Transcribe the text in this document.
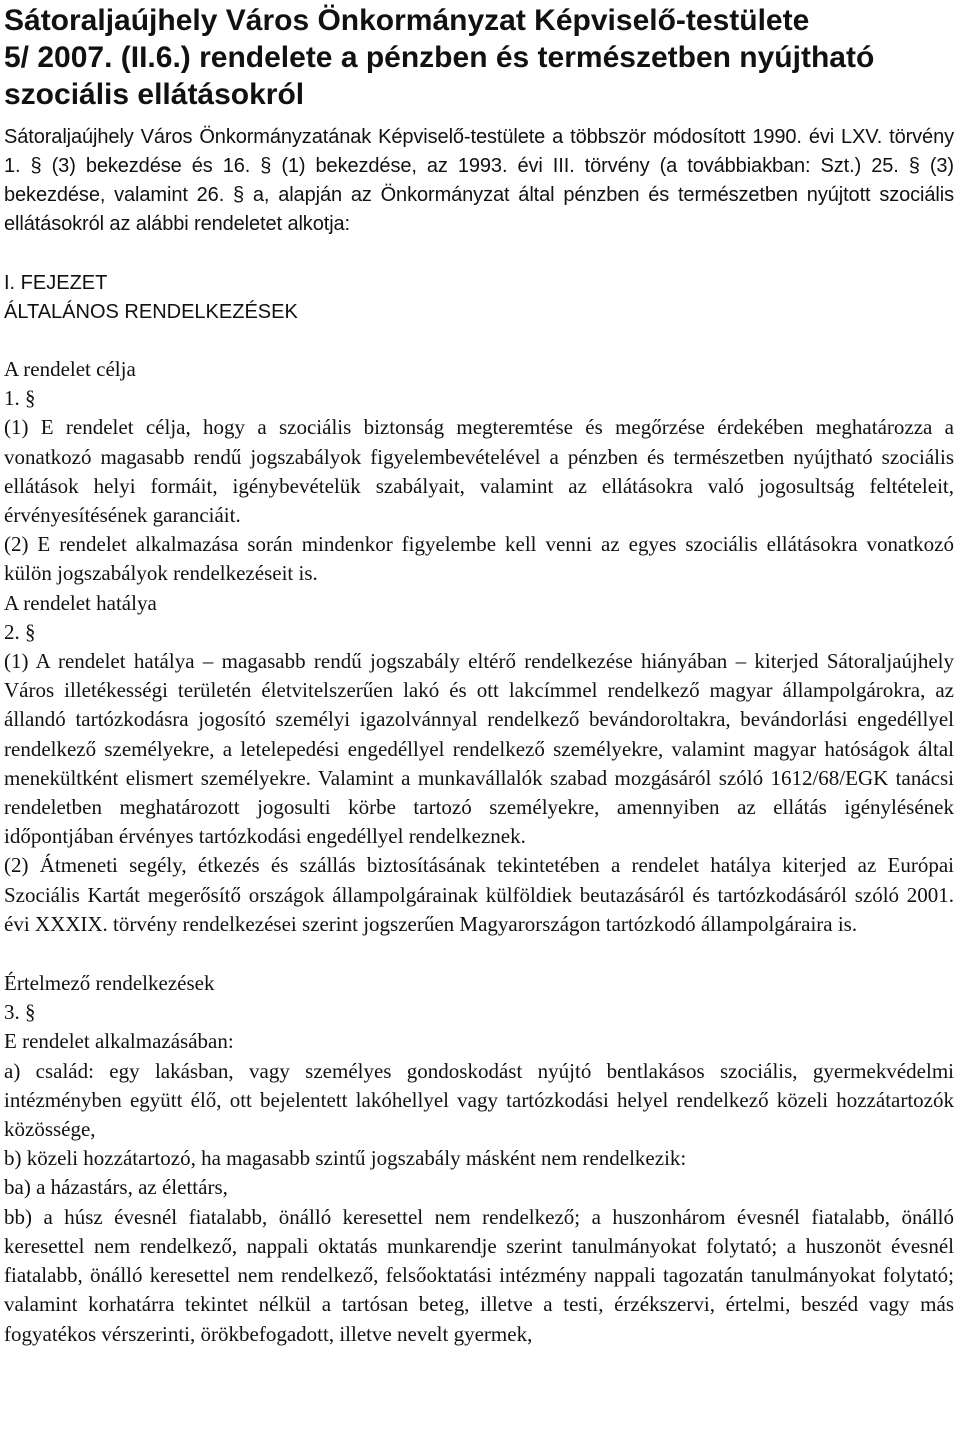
Sátoraljaújhely Város Önkormányzat Képviselő-testülete
5/ 2007. (II.6.) rendelete a pénzben és természetben nyújtható
szociális ellátásokról

Sátoraljaújhely Város Önkormányzatának Képviselő-testülete a többször módosított 1990. évi LXV. törvény 1. § (3) bekezdése és 16. § (1) bekezdése, az 1993. évi III. törvény (a továbbiakban: Szt.) 25. § (3) bekezdése, valamint 26. § a, alapján az Önkormányzat által pénzben és természetben nyújtott szociális ellátásokról az alábbi rendeletet alkotja:

I. FEJEZET
ÁLTALÁNOS RENDELKEZÉSEK

A rendelet célja

1. §

(1) E rendelet célja, hogy a szociális biztonság megteremtése és megőrzése érdekében meghatározza a vonatkozó magasabb rendű jogszabályok figyelembevételével a pénzben és természetben nyújtható szociális ellátások helyi formáit, igénybevételük szabályait, valamint az ellátásokra való jogosultság feltételeit, érvényesítésének garanciáit.

(2) E rendelet alkalmazása során mindenkor figyelembe kell venni az egyes szociális ellátásokra vonatkozó külön jogszabályok rendelkezéseit is.

A rendelet hatálya

2. §

(1) A rendelet hatálya – magasabb rendű jogszabály eltérő rendelkezése hiányában – kiterjed Sátoraljaújhely Város illetékességi területén életvitelszerűen lakó és ott lakcímmel rendelkező magyar állampolgárokra, az állandó tartózkodásra jogosító személyi igazolvánnyal rendelkező bevándoroltakra, bevándorlási engedéllyel rendelkező személyekre, a letelepedési engedéllyel rendelkező személyekre, valamint magyar hatóságok által menekültként elismert személyekre. Valamint a munkavállalók szabad mozgásáról szóló 1612/68/EGK tanácsi rendeletben meghatározott jogosulti körbe tartozó személyekre, amennyiben az ellátás igénylésének időpontjában érvényes tartózkodási engedéllyel rendelkeznek.

(2) Átmeneti segély, étkezés és szállás biztosításának tekintetében a rendelet hatálya kiterjed az Európai Szociális Kartát megerősítő országok állampolgárainak külföldiek beutazásáról és tartózkodásáról szóló 2001. évi XXXIX. törvény rendelkezései szerint jogszerűen Magyarországon tartózkodó állampolgáraira is.

Értelmező rendelkezések

3. §

E rendelet alkalmazásában:

a) család: egy lakásban, vagy személyes gondoskodást nyújtó bentlakásos szociális, gyermekvédelmi intézményben együtt élő, ott bejelentett lakóhellyel vagy tartózkodási helyel rendelkező közeli hozzátartozók közössége,

b) közeli hozzátartozó, ha magasabb szintű jogszabály másként nem rendelkezik:

ba) a házastárs, az élettárs,

bb) a húsz évesnél fiatalabb, önálló keresettel nem rendelkező; a huszonhárom évesnél fiatalabb, önálló keresettel nem rendelkező, nappali oktatás munkarendje szerint tanulmányokat folytató; a huszonöt évesnél fiatalabb, önálló keresettel nem rendelkező, felsőoktatási intézmény nappali tagozatán tanulmányokat folytató; valamint korhatárra tekintet nélkül a tartósan beteg, illetve a testi, érzékszervi, értelmi, beszéd vagy más fogyatékos vérszerinti, örökbefogadott, illetve nevelt gyermek,
